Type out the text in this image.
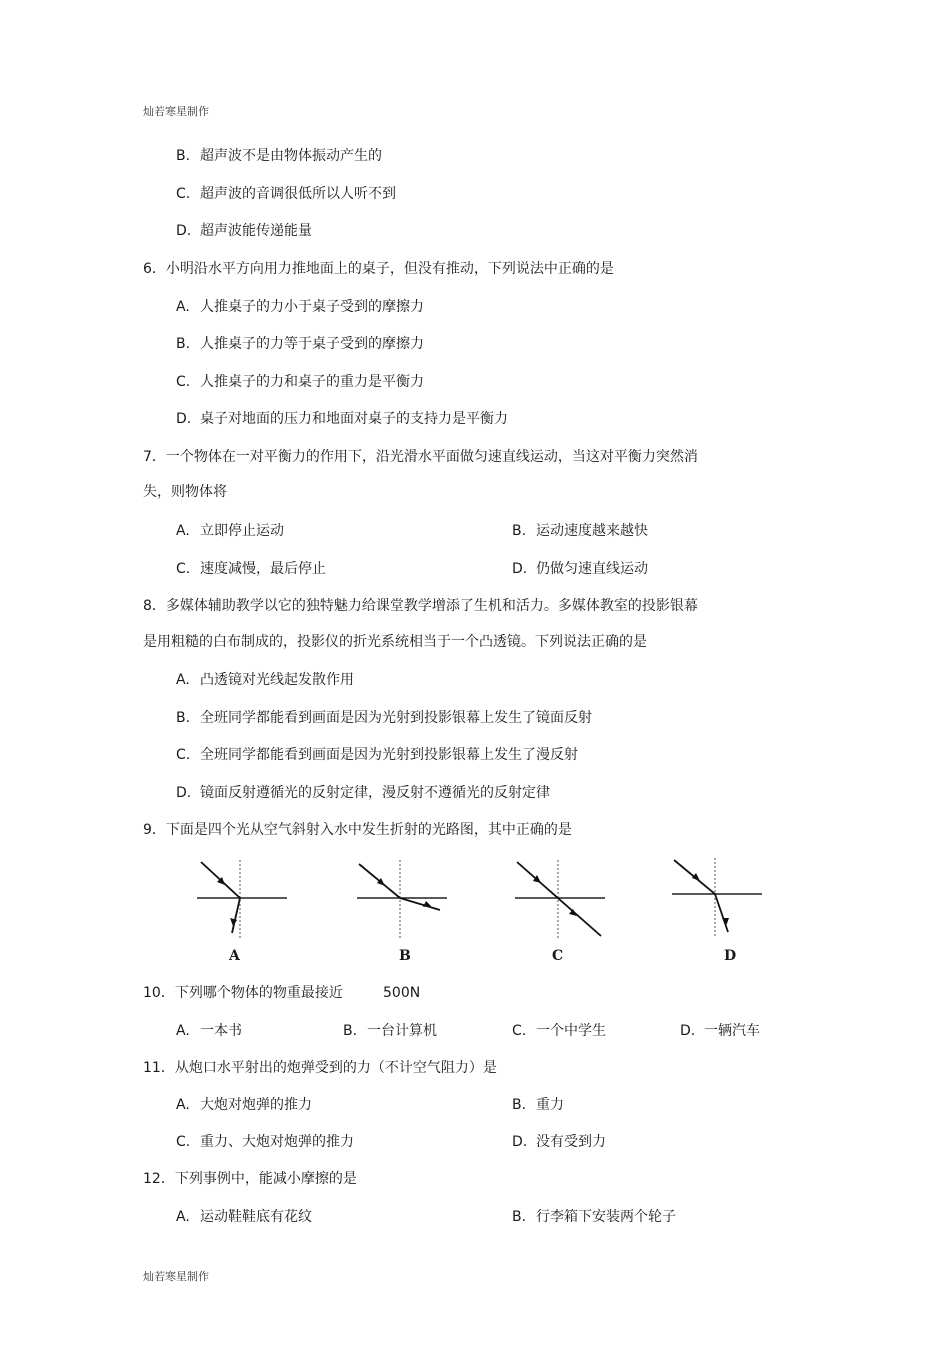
灿若寒星制作
B. 超声波不是由物体振动产生的
C. 超声波的音调很低所以人听不到
D. 超声波能传递能量
6．小明沿水平方向用力推地面上的桌子，但没有推动，下列说法中正确的是
A. 人推桌子的力小于桌子受到的摩擦力
B. 人推桌子的力等于桌子受到的摩擦力
C. 人推桌子的力和桌子的重力是平衡力
D. 桌子对地面的压力和地面对桌子的支持力是平衡力
7．一个物体在一对平衡力的作用下，沿光滑水平面做匀速直线运动，当这对平衡力突然消
失，则物体将
A. 立即停止运动	B. 运动速度越来越快
C. 速度减慢，最后停止	D. 仍做匀速直线运动
8．多媒体辅助教学以它的独特魅力给课堂教学增添了生机和活力。多媒体教室的投影银幕
是用粗糙的白布制成的，投影仪的折光系统相当于一个凸透镜。下列说法正确的是
A. 凸透镜对光线起发散作用
B. 全班同学都能看到画面是因为光射到投影银幕上发生了镜面反射
C. 全班同学都能看到画面是因为光射到投影银幕上发生了漫反射
D. 镜面反射遵循光的反射定律，漫反射不遵循光的反射定律
9．下面是四个光从空气斜射入水中发生折射的光路图，其中正确的是
A	B	C	D
10．下列哪个物体的物重最接近	500N
A. 一本书	B. 一台计算机	C. 一个中学生	D. 一辆汽车
11．从炮口水平射出的炮弹受到的力（不计空气阻力）是
A. 大炮对炮弹的推力	B. 重力
C. 重力、大炮对炮弹的推力	D. 没有受到力
12．下列事例中，能减小摩擦的是
A. 运动鞋鞋底有花纹	B. 行李箱下安装两个轮子
灿若寒星制作
